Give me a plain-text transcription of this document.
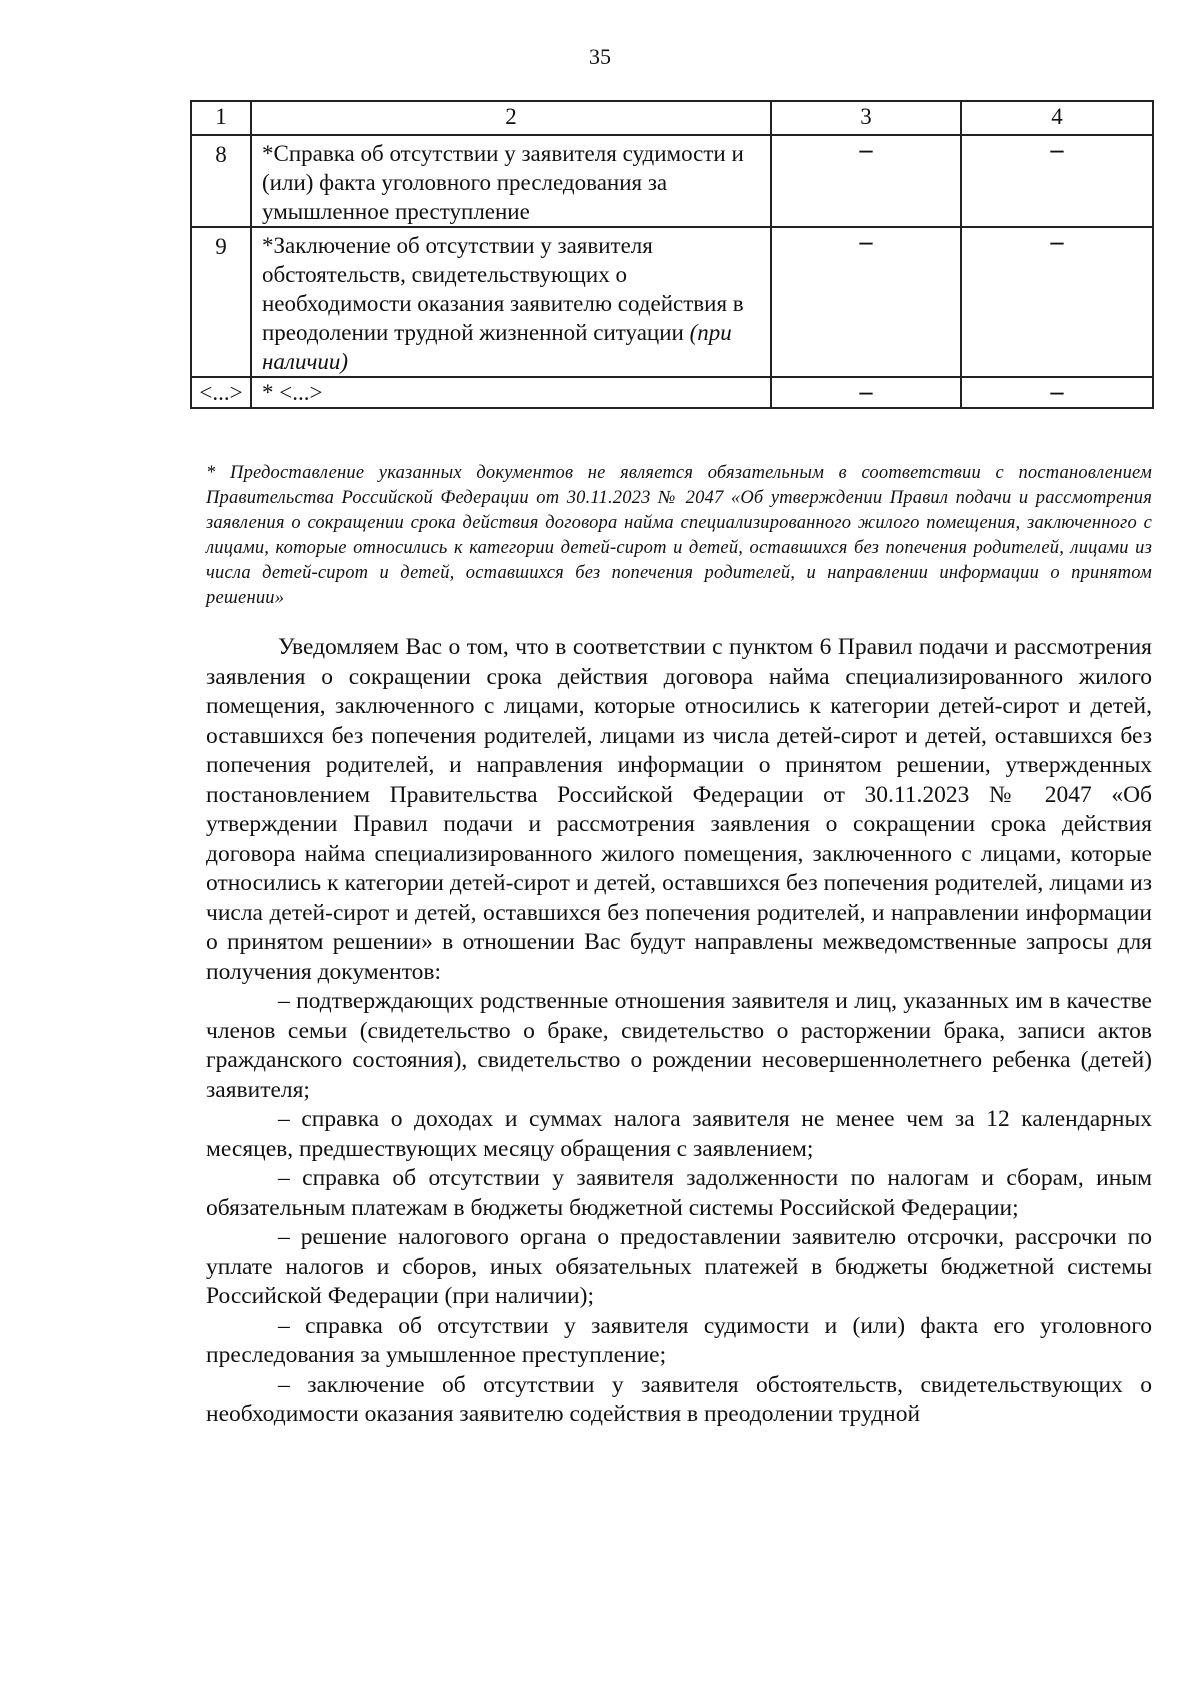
35
1	2	3	4
8	*Справка об отсутствии у заявителя судимости и (или) факта уголовного преследования за умышленное преступление	–	–
9	*Заключение об отсутствии у заявителя обстоятельств, свидетельствующих о необходимости оказания заявителю содействия в преодолении трудной жизненной ситуации (при наличии)	–	–
<...>	* <...>	–	–
* Предоставление указанных документов не является обязательным в соответствии с постановлением Правительства Российской Федерации от 30.11.2023 № 2047 «Об утверждении Правил подачи и рассмотрения заявления о сокращении срока действия договора найма специализированного жилого помещения, заключенного с лицами, которые относились к категории детей-сирот и детей, оставшихся без попечения родителей, лицами из числа детей-сирот и детей, оставшихся без попечения родителей, и направлении информации о принятом решении»

Уведомляем Вас о том, что в соответствии с пунктом 6 Правил подачи и рассмотрения заявления о сокращении срока действия договора найма специализированного жилого помещения, заключенного с лицами, которые относились к категории детей-сирот и детей, оставшихся без попечения родителей, лицами из числа детей-сирот и детей, оставшихся без попечения родителей, и направления информации о принятом решении, утвержденных постановлением Правительства Российской Федерации от 30.11.2023 № 2047 «Об утверждении Правил подачи и рассмотрения заявления о сокращении срока действия договора найма специализированного жилого помещения, заключенного с лицами, которые относились к категории детей-сирот и детей, оставшихся без попечения родителей, лицами из числа детей-сирот и детей, оставшихся без попечения родителей, и направлении информации о принятом решении» в отношении Вас будут направлены межведомственные запросы для получения документов:

– подтверждающих родственные отношения заявителя и лиц, указанных им в качестве членов семьи (свидетельство о браке, свидетельство о расторжении брака, записи актов гражданского состояния), свидетельство о рождении несовершеннолетнего ребенка (детей) заявителя;

– справка о доходах и суммах налога заявителя не менее чем за 12 календарных месяцев, предшествующих месяцу обращения с заявлением;

– справка об отсутствии у заявителя задолженности по налогам и сборам, иным обязательным платежам в бюджеты бюджетной системы Российской Федерации;

– решение налогового органа о предоставлении заявителю отсрочки, рассрочки по уплате налогов и сборов, иных обязательных платежей в бюджеты бюджетной системы Российской Федерации (при наличии);

– справка об отсутствии у заявителя судимости и (или) факта его уголовного преследования за умышленное преступление;

– заключение об отсутствии у заявителя обстоятельств, свидетельствующих о необходимости оказания заявителю содействия в преодолении трудной
